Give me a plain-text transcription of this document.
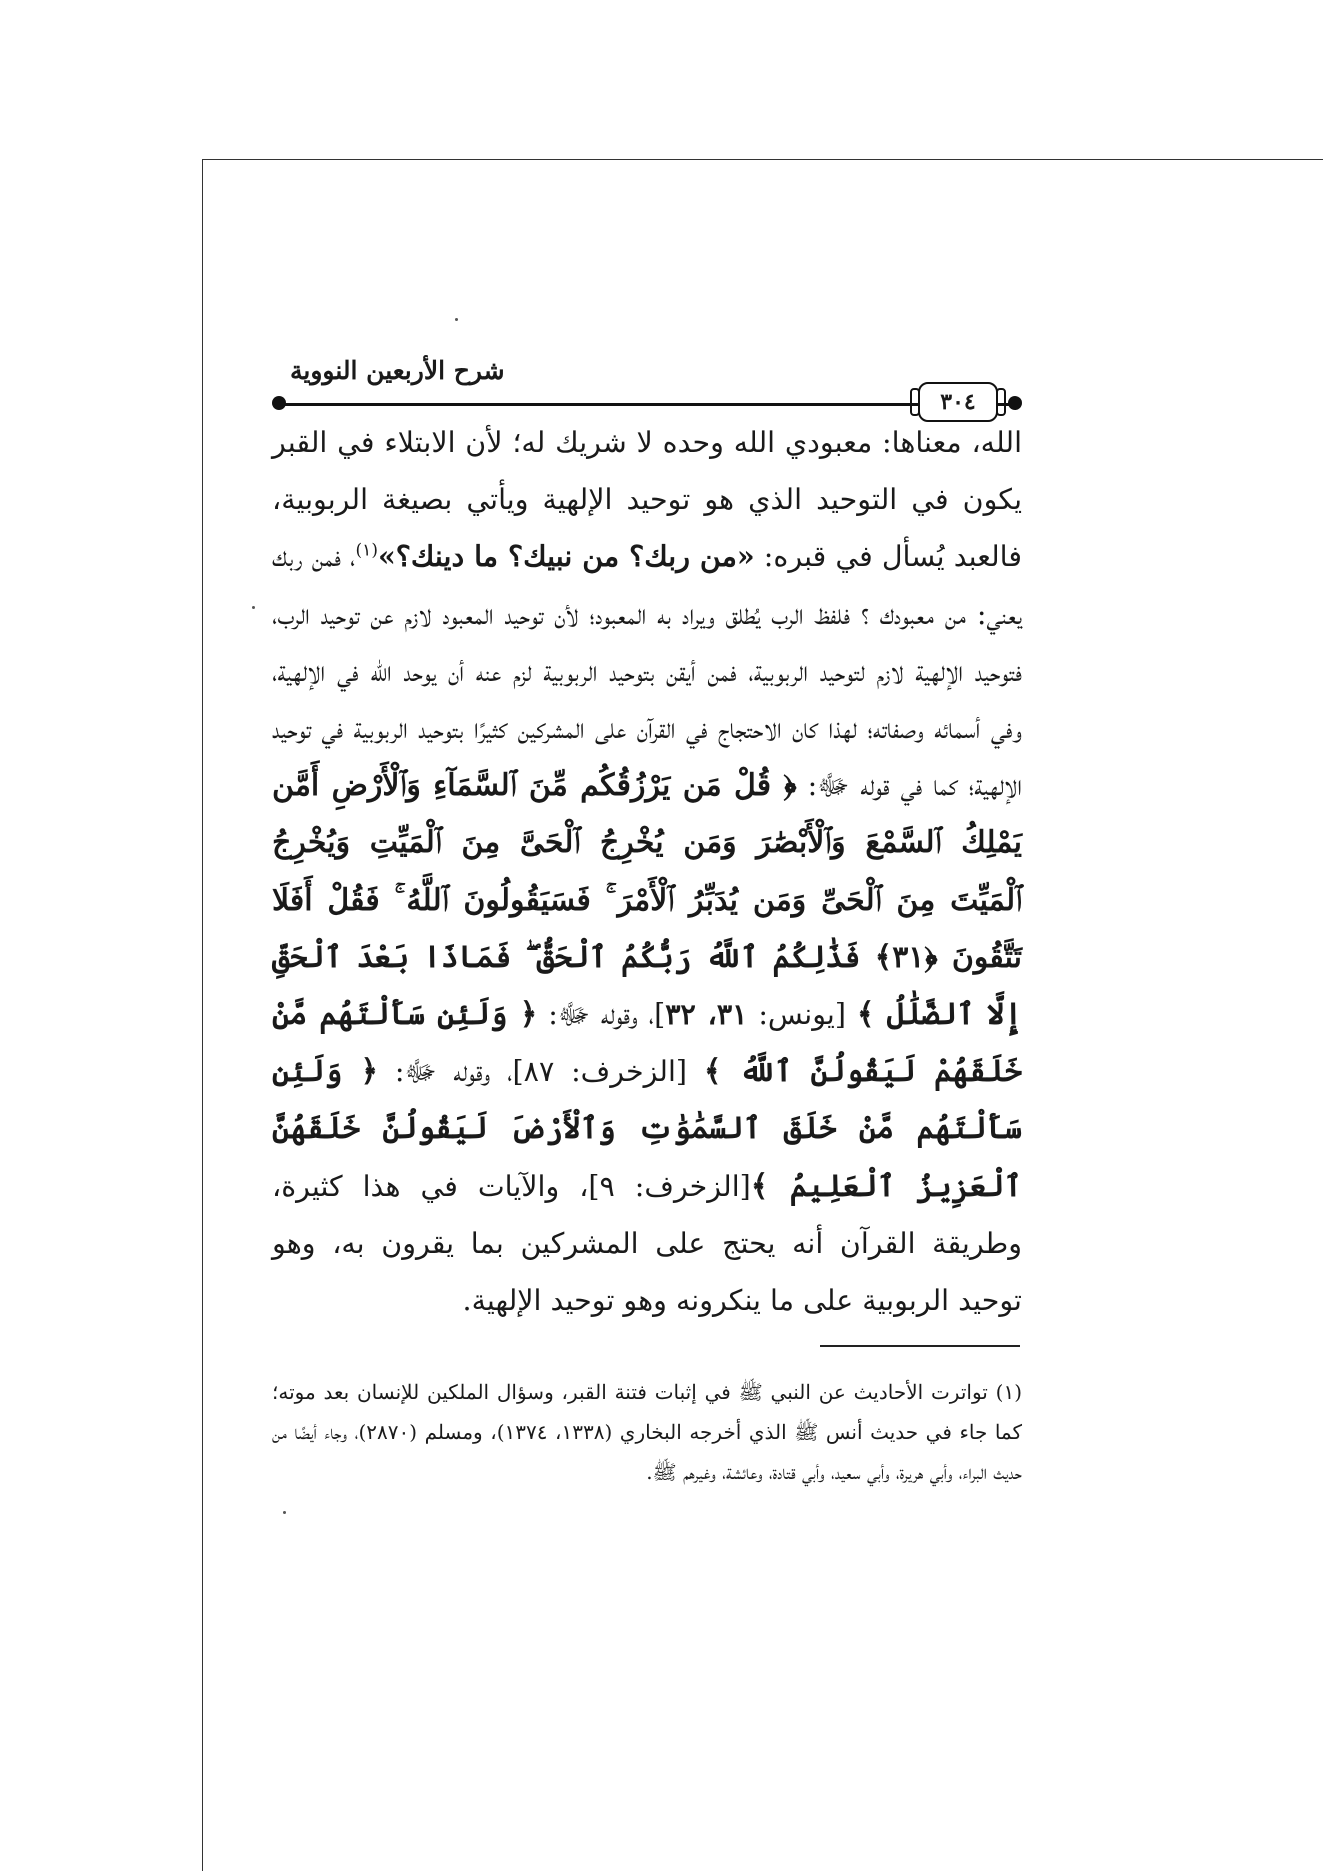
شرح الأربعين النووية
٣٠٤

الله، معناها: معبودي الله وحده لا شريك له؛ لأن الابتلاء في القبر يكون في التوحيد الذي هو توحيد الإلهية ويأتي بصيغة الربوبية، فالعبد يُسأل في قبره: «من ربك؟ من نبيك؟ ما دينك؟»$^{(١)}$، فمن ربك يعني: من معبودك ؟ فلفظ الرب يُطلق ويراد به المعبود؛ لأن توحيد المعبود لازم عن توحيد الرب، فتوحيد الإلهية لازم لتوحيد الربوبية، فمن أيقن بتوحيد الربوبية لزم عنه أن يوحد الله في الإلهية، وفي أسمائه وصفاته؛ لهذا كان الاحتجاج في القرآن على المشركين كثيرًا بتوحيد الربوبية في توحيد الإلهية؛ كما في قوله ﷻ: ﴿ قُلْ مَن يَرْزُقُكُم مِّنَ ٱلسَّمَآءِ وَٱلْأَرْضِ أَمَّن يَمْلِكُ ٱلسَّمْعَ وَٱلْأَبْصَٰرَ وَمَن يُخْرِجُ ٱلْحَىَّ مِنَ ٱلْمَيِّتِ وَيُخْرِجُ ٱلْمَيِّتَ مِنَ ٱلْحَىِّ وَمَن يُدَبِّرُ ٱلْأَمْرَ ۚ فَسَيَقُولُونَ ٱللَّهُ ۚ فَقُلْ أَفَلَا تَتَّقُونَ ﴿٣١﴾ فَذَٰلِكُمُ ٱللَّهُ رَبُّكُمُ ٱلْحَقُّ ۖ فَمَاذَا بَعْدَ ٱلْحَقِّ إِلَّا ٱلضَّلَٰلُ ﴾ [يونس: ٣١، ٣٢]، وقوله ﷻ: ﴿ وَلَئِن سَأَلْتَهُم مَّنْ خَلَقَهُمْ لَيَقُولُنَّ ٱللَّهُ ﴾ [الزخرف: ٨٧]، وقوله ﷻ: ﴿ وَلَئِن سَأَلْتَهُم مَّنْ خَلَقَ ٱلسَّمَٰوَٰتِ وَٱلْأَرْضَ لَيَقُولُنَّ خَلَقَهُنَّ ٱلْعَزِيزُ ٱلْعَلِيمُ ﴾[الزخرف: ٩]، والآيات في هذا كثيرة، وطريقة القرآن أنه يحتج على المشركين بما يقرون به، وهو توحيد الربوبية على ما ينكرونه وهو توحيد الإلهية.

(١) تواترت الأحاديث عن النبي ﷺ في إثبات فتنة القبر، وسؤال الملكين للإنسان بعد موته؛ كما جاء في حديث أنس ﷺ الذي أخرجه البخاري (١٣٣٨، ١٣٧٤)، ومسلم (٢٨٧٠)، وجاء أيضًا من حديث البراء، وأبي هريرة، وأبي سعيد، وأبي قتادة، وعائشة، وغيرهم ﷺ.
